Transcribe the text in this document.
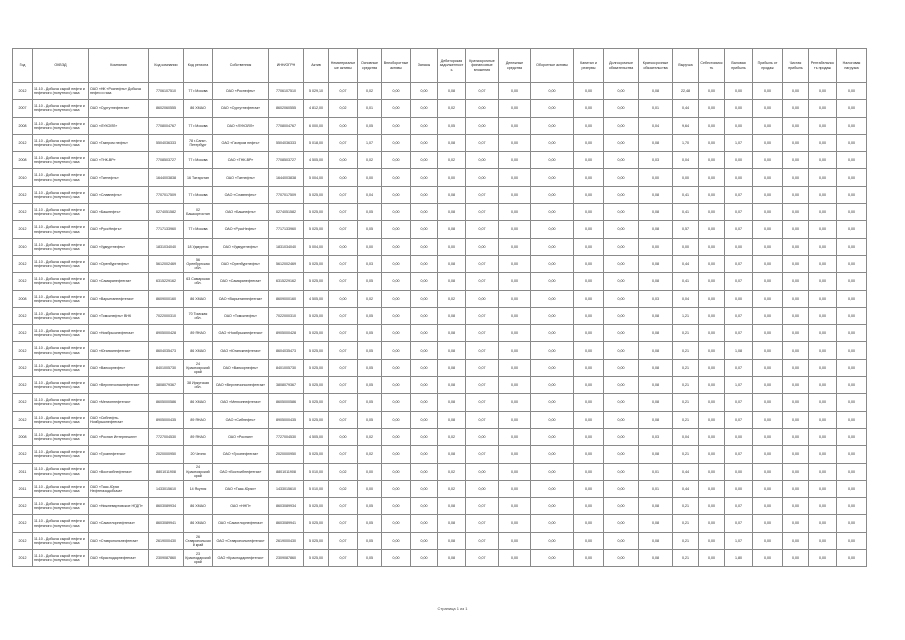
Год	ОКВЭД	Компания	Код компании	Код региона	Собственник	ИНН/ОГРН	Актив	Нематериальные активы	Основные средства	Внеоборотные активы	Запасы	Дебиторская задолженность	Краткосрочные финансовые вложения	Денежные средства	Оборотные активы	Капитал и резервы	Долгосрочные обязательства	Краткосрочные обязательства	Выручка	Себестоимость	Валовая прибыль	Прибыль от продаж	Чистая прибыль	Рентабельность продаж	Налоговая нагрузка

2012	11.10 - Добыча сырой нефти и нефтяного (попутного) газа	ОАО «НК «Роснефть» Добыча нефти и газа	7706107510	77 г.Москва	ОАО «Роснефть»	7706107510	5 029,10	0,07	0,02	0,00	0,00	0,08	0,07	0,00	0,00	0,00	0,00	0,08	22,48	0,00	0,00	0,00	0,00	0,00	0,00

2007	11.10 - Добыча сырой нефти и нефтяного (попутного) газа	ОАО «Сургутнефтегаз»	8602060555	86 ХМАО	ОАО «Сургутнефтегаз»	8602060555	4 812,00	0,02	0,01	0,00	0,00	0,02	0,00	0,00	0,00	0,00	0,00	0,01	0,44	0,00	0,00	0,00	0,00	0,00	0,00

2008	11.10 - Добыча сырой нефти и нефтяного (попутного) газа	ОАО «ЛУКОЙЛ»	7708004767	77 г.Москва	ОАО «ЛУКОЙЛ»	7708004767	6 000,00	0,00	0,05	0,00	0,00	0,05	0,00	0,00	0,00	0,00	0,00	0,04	9,64	0,00	0,00	0,00	0,00	0,00	0,00

2012	11.10 - Добыча сырой нефти и нефтяного (попутного) газа	ОАО «Газпром нефть»	5504036333	78 г.Санкт-Петербург	ОАО «Газпром нефть»	5504036333	5 018,00	0,07	1,07	0,00	0,00	0,08	0,07	0,00	0,00	0,00	0,00	0,08	1,70	0,00	1,07	0,00	0,00	0,00	0,00

2008	11.10 - Добыча сырой нефти и нефтяного (попутного) газа	ОАО «ТНК-ВР»	7708503727	77 г.Москва	ОАО «ТНК-ВР»	7708503727	4 505,00	0,00	0,02	0,00	0,00	0,02	0,00	0,00	0,00	0,00	0,00	0,03	0,04	0,00	0,00	0,00	0,00	0,00	0,00

2010	11.10 - Добыча сырой нефти и нефтяного (попутного) газа	ОАО «Татнефть»	1644003838	16 Татарстан	ОАО «Татнефть»	1644003838	5 004,00	0,00	0,00	0,00	0,00	0,00	0,00	0,00	0,00	0,00	0,00	0,00	0,00	0,00	0,00	0,00	0,00	0,00	0,00

2012	11.10 - Добыча сырой нефти и нефтяного (попутного) газа	ОАО «Славнефть»	7707017509	77 г.Москва	ОАО «Славнефть»	7707017509	5 025,00	0,07	0,04	0,00	0,00	0,08	0,07	0,00	0,00	0,00	0,00	0,08	0,41	0,00	0,07	0,00	0,00	0,00	0,00

2012	11.10 - Добыча сырой нефти и нефтяного (попутного) газа	ОАО «Башнефть»	0274051582	02 Башкортостан	ОАО «Башнефть»	0274051582	5 025,00	0,07	0,05	0,00	0,00	0,08	0,07	0,00	0,00	0,00	0,00	0,08	0,41	0,00	0,07	0,00	0,00	0,00	0,00

2012	11.10 - Добыча сырой нефти и нефтяного (попутного) газа	ОАО «РуссНефть»	7717133960	77 г.Москва	ОАО «РуссНефть»	7717133960	5 025,00	0,07	0,05	0,00	0,00	0,08	0,07	0,00	0,00	0,00	0,00	0,08	0,57	0,00	0,07	0,00	0,00	0,00	0,00

2010	11.10 - Добыча сырой нефти и нефтяного (попутного) газа	ОАО «Удмуртнефть»	1831034040	18 Удмуртия	ОАО «Удмуртнефть»	1831034040	5 004,00	0,00	0,00	0,00	0,00	0,00	0,00	0,00	0,00	0,00	0,00	0,00	0,00	0,00	0,00	0,00	0,00	0,00	0,00

2012	11.10 - Добыча сырой нефти и нефтяного (попутного) газа	ОАО «Оренбургнефть»	5612002469	56 Оренбургская обл.	ОАО «Оренбургнефть»	5612002469	5 025,00	0,07	0,03	0,00	0,00	0,08	0,07	0,00	0,00	0,00	0,00	0,08	0,44	0,00	0,07	0,00	0,00	0,00	0,00

2012	11.10 - Добыча сырой нефти и нефтяного (попутного) газа	ОАО «Самаранефтегаз»	6315229162	63 Самарская обл.	ОАО «Самаранефтегаз»	6315229162	5 025,00	0,07	0,05	0,00	0,00	0,08	0,07	0,00	0,00	0,00	0,00	0,08	0,41	0,00	0,07	0,00	0,00	0,00	0,00

2008	11.10 - Добыча сырой нефти и нефтяного (попутного) газа	ОАО «Варьеганнефтегаз»	8609000160	86 ХМАО	ОАО «Варьеганнефтегаз»	8609000160	4 505,00	0,00	0,02	0,00	0,00	0,02	0,00	0,00	0,00	0,00	0,00	0,03	0,04	0,00	0,00	0,00	0,00	0,00	0,00

2012	11.10 - Добыча сырой нефти и нефтяного (попутного) газа	ОАО «Томскнефть» ВНК	7022000310	70 Томская обл.	ОАО «Томскнефть»	7022000310	5 025,00	0,07	0,05	0,00	0,00	0,08	0,07	0,00	0,00	0,00	0,00	0,08	1,21	0,00	0,07	0,00	0,00	0,00	0,00

2012	11.10 - Добыча сырой нефти и нефтяного (попутного) газа	ОАО «Ноябрьскнефтегаз»	8905000428	89 ЯНАО	ОАО «Ноябрьскнефтегаз»	8905000428	5 025,00	0,07	0,05	0,00	0,00	0,08	0,07	0,00	0,00	0,00	0,00	0,08	0,21	0,00	0,07	0,00	0,00	0,00	0,00

2012	11.10 - Добыча сырой нефти и нефтяного (попутного) газа	ОАО «Юганскнефтегаз»	8604035473	86 ХМАО	ОАО «Юганскнефтегаз»	8604035473	5 025,00	0,07	0,05	0,00	0,00	0,08	0,07	0,00	0,00	0,00	0,00	0,08	0,21	0,00	1,08	0,00	0,00	0,00	0,00

2012	11.10 - Добыча сырой нефти и нефтяного (попутного) газа	ОАО «Ванкорнефть»	8401005730	24 Красноярский край	ОАО «Ванкорнефть»	8401005730	5 025,00	0,07	0,05	0,00	0,00	0,08	0,07	0,00	0,00	0,00	0,00	0,08	0,21	0,00	0,07	0,00	0,00	0,00	0,00

2012	11.10 - Добыча сырой нефти и нефтяного (попутного) газа	ОАО «Верхнечонскнефтегаз»	3808079367	38 Иркутская обл.	ОАО «Верхнечонскнефтегаз»	3808079367	5 025,00	0,07	0,05	0,00	0,00	0,08	0,07	0,00	0,00	0,00	0,00	0,08	0,21	0,00	1,07	0,00	0,00	0,00	0,00

2012	11.10 - Добыча сырой нефти и нефтяного (попутного) газа	ОАО «Мегионнефтегаз»	8605000586	86 ХМАО	ОАО «Мегионнефтегаз»	8605000586	5 025,00	0,07	0,05	0,00	0,00	0,08	0,07	0,00	0,00	0,00	0,00	0,08	0,21	0,00	0,07	0,00	0,00	0,00	0,00

2012	11.10 - Добыча сырой нефти и нефтяного (попутного) газа	ОАО «Сибнефть-Ноябрьскнефтегаз»	8905000435	89 ЯНАО	ОАО «Сибнефть»	8905000435	5 025,00	0,07	0,05	0,00	0,00	0,08	0,07	0,00	0,00	0,00	0,00	0,08	0,21	0,00	0,07	0,00	0,00	0,00	0,00

2008	11.10 - Добыча сырой нефти и нефтяного (попутного) газа	ОАО «Роспан Интернешнл»	7727004530	89 ЯНАО	ОАО «Роспан»	7727004530	4 505,00	0,00	0,02	0,00	0,00	0,02	0,00	0,00	0,00	0,00	0,00	0,03	0,04	0,00	0,00	0,00	0,00	0,00	0,00

2012	11.10 - Добыча сырой нефти и нефтяного (попутного) газа	ОАО «Грознефтегаз»	2020000950	20 Чечня	ОАО «Грознефтегаз»	2020000950	5 025,00	0,07	0,02	0,00	0,00	0,08	0,07	0,00	0,00	0,00	0,00	0,08	0,21	0,00	0,07	0,00	0,00	0,00	0,00

2011	11.10 - Добыча сырой нефти и нефтяного (попутного) газа	ОАО «Востсибнефтегаз»	8801011908	24 Красноярский край	ОАО «Востсибнефтегаз»	8801011908	5 010,00	0,02	0,00	0,00	0,00	0,02	0,00	0,00	0,00	0,00	0,00	0,01	0,44	0,00	0,00	0,00	0,00	0,00	0,00

2011	11.10 - Добыча сырой нефти и нефтяного (попутного) газа	ОАО «Таас-Юрях Нефтегазодобыча»	1433015610	14 Якутия	ОАО «Таас-Юрях»	1433015610	5 010,00	0,02	0,00	0,00	0,00	0,02	0,00	0,00	0,00	0,00	0,00	0,01	0,44	0,00	0,00	0,00	0,00	0,00	0,00

2012	11.10 - Добыча сырой нефти и нефтяного (попутного) газа	ОАО «Нижневартовское НГДП»	8603089934	86 ХМАО	ОАО «ННП»	8603089934	5 025,00	0,07	0,05	0,00	0,00	0,08	0,07	0,00	0,00	0,00	0,00	0,08	0,21	0,00	0,07	0,00	0,00	0,00	0,00

2012	11.10 - Добыча сырой нефти и нефтяного (попутного) газа	ОАО «Самотлорнефтегаз»	8603089941	86 ХМАО	ОАО «Самотлорнефтегаз»	8603089941	5 025,00	0,07	0,05	0,00	0,00	0,08	0,07	0,00	0,00	0,00	0,00	0,08	0,21	0,00	0,07	0,00	0,00	0,00	0,00

2012	11.10 - Добыча сырой нефти и нефтяного (попутного) газа	ОАО «Ставропольнефтегаз»	2619000430	26 Ставропольский край	ОАО «Ставропольнефтегаз»	2619000430	5 025,00	0,07	0,05	0,00	0,00	0,08	0,07	0,00	0,00	0,00	0,00	0,08	0,21	0,00	1,07	0,00	0,00	0,00	0,00

2012	11.10 - Добыча сырой нефти и нефтяного (попутного) газа	ОАО «Краснодарнефтегаз»	2309087860	23 Краснодарский край	ОАО «Краснодарнефтегаз»	2309087860	5 025,00	0,07	0,05	0,00	0,00	0,08	0,07	0,00	0,00	0,00	0,00	0,08	0,21	0,00	1,80	0,00	0,00	0,00	0,00
Страница 1 из 1
